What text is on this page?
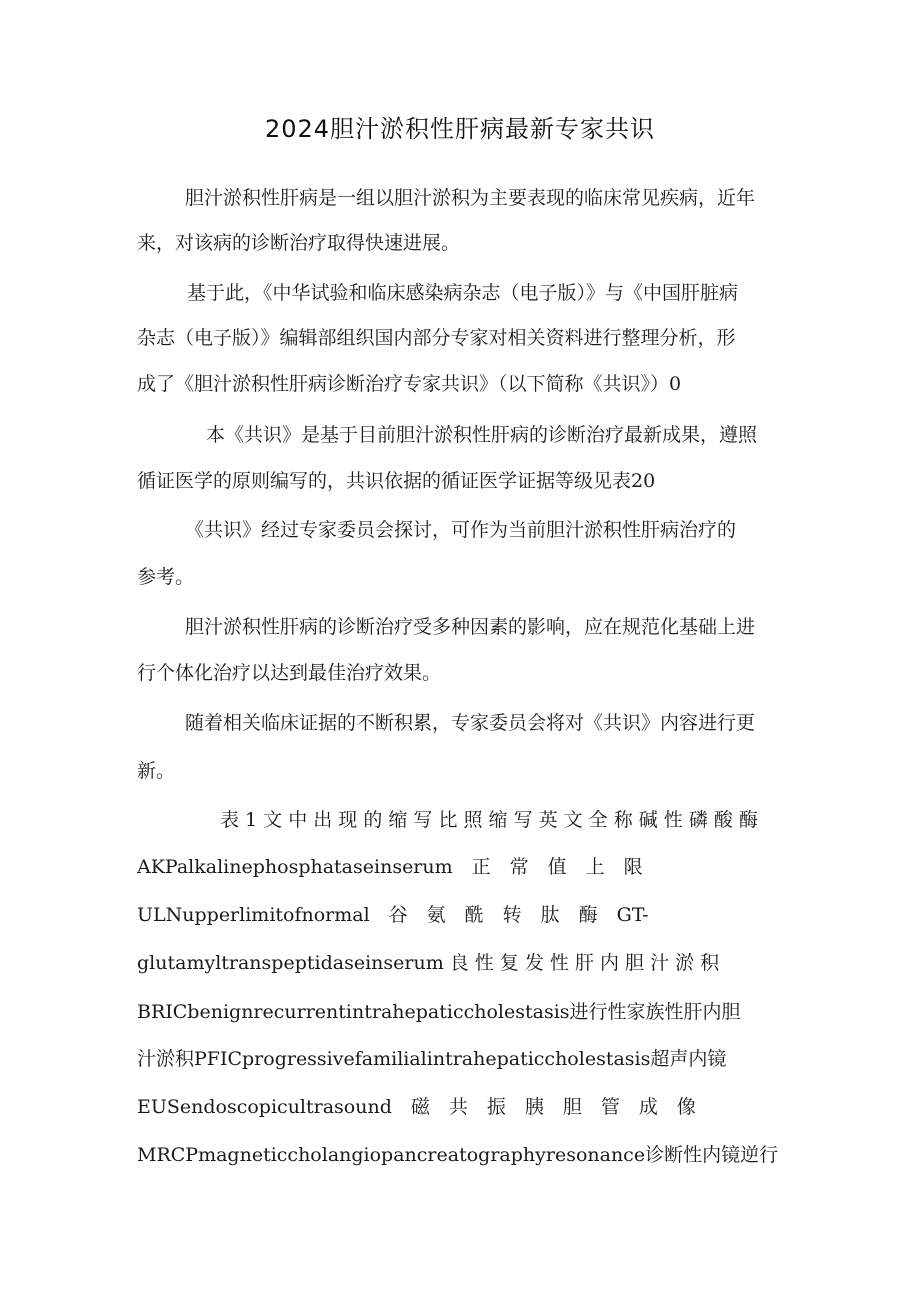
2024胆汁淤积性肝病最新专家共识
胆汁淤积性肝病是一组以胆汁淤积为主要表现的临床常见疾病，近年
来，对该病的诊断治疗取得快速进展。
基于此，《中华试验和临床感染病杂志（电子版）》与《中国肝脏病
杂志（电子版）》编辑部组织国内部分专家对相关资料进行整理分析，形
成了《胆汁淤积性肝病诊断治疗专家共识》（以下简称《共识》）0
本《共识》是基于目前胆汁淤积性肝病的诊断治疗最新成果，遵照
循证医学的原则编写的，共识依据的循证医学证据等级见表20
《共识》经过专家委员会探讨，可作为当前胆汁淤积性肝病治疗的
参考。
胆汁淤积性肝病的诊断治疗受多种因素的影响，应在规范化基础上进
行个体化治疗以达到最佳治疗效果。
随着相关临床证据的不断积累，专家委员会将对《共识》内容进行更
新。
表 1 文 中 出 现 的 缩 写 比 照 缩 写 英 文 全 称 碱 性 磷 酸 酶
AKPalkalinephosphataseinserum　正　常　值　上　限
ULNupperlimitofnormal　谷　氨　酰　转　肽　酶　GT-
glutamyltranspeptidaseinserum 良 性 复 发 性 肝 内 胆 汁 淤 积
BRICbenignrecurrentintrahepaticcholestasis进行性家族性肝内胆
汁淤积PFICprogressivefamilialintrahepaticcholestasis超声内镜
EUSendoscopicultrasound　磁　共　振　胰　胆　管　成　像
MRCPmagneticcholangiopancreatographyresonance诊断性内镜逆行
